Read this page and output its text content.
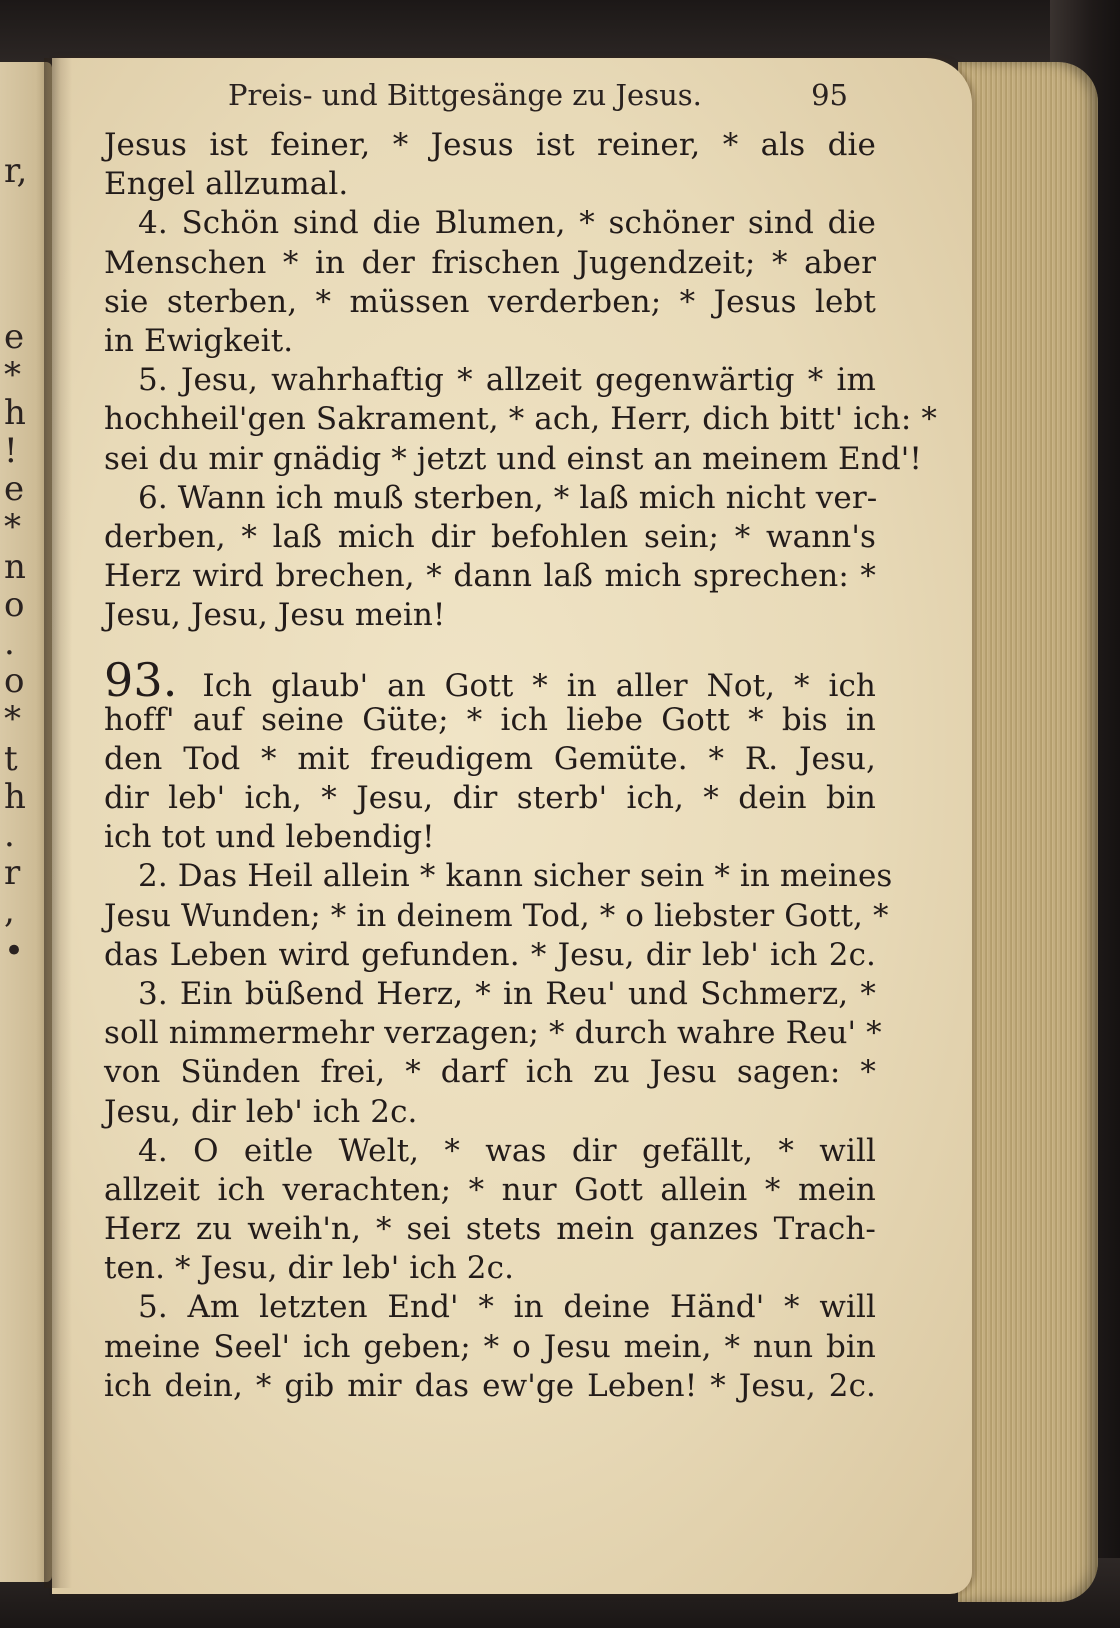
r,
e
*
h
!
e
*
n
o
.
o
*
t
h
.
r
,
•
Preis- und Bittgesänge zu Jesus.	95
Jesus ist feiner, * Jesus ist reiner, * als die
Engel allzumal.
4. Schön sind die Blumen, * schöner sind die
Menschen * in der frischen Jugendzeit; * aber
sie sterben, * müssen verderben; * Jesus lebt
in Ewigkeit.
5. Jesu, wahrhaftig * allzeit gegenwärtig * im
hochheil'gen Sakrament, * ach, Herr, dich bitt' ich: *
sei du mir gnädig * jetzt und einst an meinem End'!
6. Wann ich muß sterben, * laß mich nicht ver-
derben, * laß mich dir befohlen sein; * wann's
Herz wird brechen, * dann laß mich sprechen: *
Jesu, Jesu, Jesu mein!
93. Ich glaub' an Gott * in aller Not, * ich
hoff' auf seine Güte; * ich liebe Gott * bis in
den Tod * mit freudigem Gemüte. * R. Jesu,
dir leb' ich, * Jesu, dir sterb' ich, * dein bin
ich tot und lebendig!
2. Das Heil allein * kann sicher sein * in meines
Jesu Wunden; * in deinem Tod, * o liebster Gott, *
das Leben wird gefunden. * Jesu, dir leb' ich 2c.
3. Ein büßend Herz, * in Reu' und Schmerz, *
soll nimmermehr verzagen; * durch wahre Reu' *
von Sünden frei, * darf ich zu Jesu sagen: *
Jesu, dir leb' ich 2c.
4. O eitle Welt, * was dir gefällt, * will
allzeit ich verachten; * nur Gott allein * mein
Herz zu weih'n, * sei stets mein ganzes Trach-
ten. * Jesu, dir leb' ich 2c.
5. Am letzten End' * in deine Händ' * will
meine Seel' ich geben; * o Jesu mein, * nun bin
ich dein, * gib mir das ew'ge Leben! * Jesu, 2c.
